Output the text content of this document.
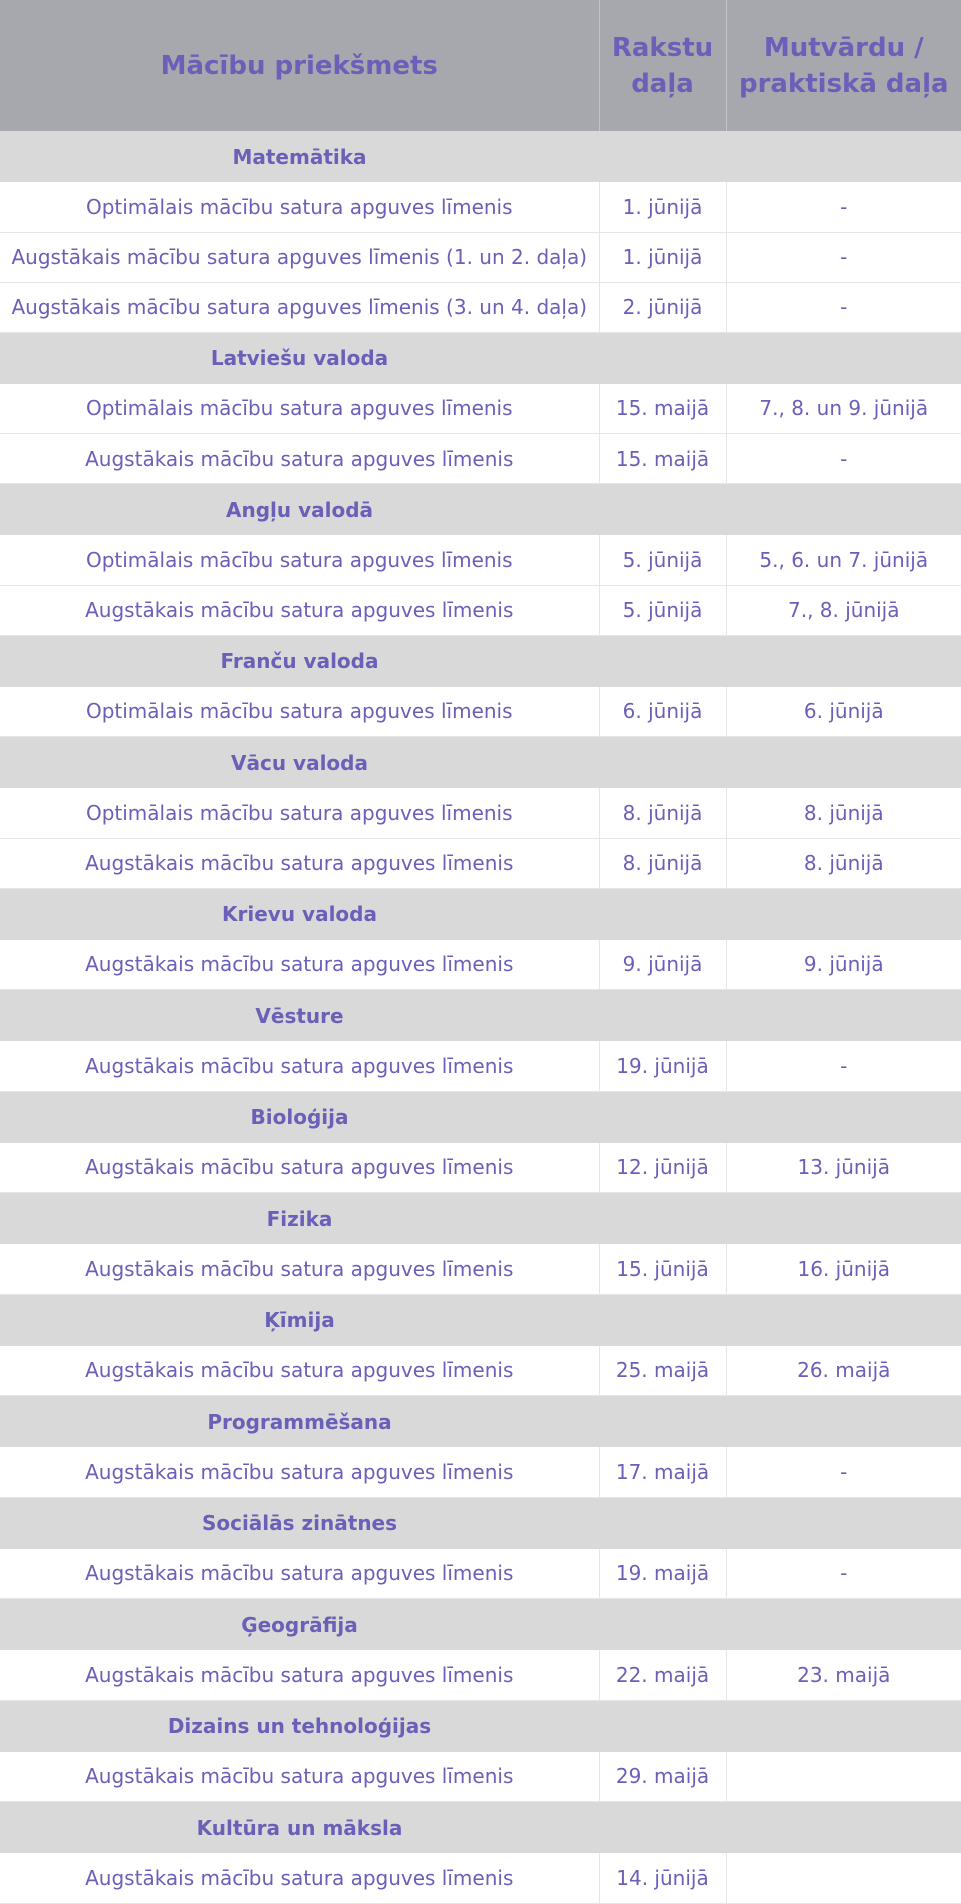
Mācību priekšmets	Rakstu daļa	Mutvārdu / praktiskā daļa
Matemātika		
Optimālais mācību satura apguves līmenis	1. jūnijā	-
Augstākais mācību satura apguves līmenis (1. un 2. daļa)	1. jūnijā	-
Augstākais mācību satura apguves līmenis (3. un 4. daļa)	2. jūnijā	-
Latviešu valoda		
Optimālais mācību satura apguves līmenis	15. maijā	7., 8. un 9. jūnijā
Augstākais mācību satura apguves līmenis	15. maijā	-
Angļu valodā		
Optimālais mācību satura apguves līmenis	5. jūnijā	5., 6. un 7. jūnijā
Augstākais mācību satura apguves līmenis	5. jūnijā	7., 8. jūnijā
Franču valoda		
Optimālais mācību satura apguves līmenis	6. jūnijā	6. jūnijā
Vācu valoda		
Optimālais mācību satura apguves līmenis	8. jūnijā	8. jūnijā
Augstākais mācību satura apguves līmenis	8. jūnijā	8. jūnijā
Krievu valoda		
Augstākais mācību satura apguves līmenis	9. jūnijā	9. jūnijā
Vēsture		
Augstākais mācību satura apguves līmenis	19. jūnijā	-
Bioloģija		
Augstākais mācību satura apguves līmenis	12. jūnijā	13. jūnijā
Fizika		
Augstākais mācību satura apguves līmenis	15. jūnijā	16. jūnijā
Ķīmija		
Augstākais mācību satura apguves līmenis	25. maijā	26. maijā
Programmēšana		
Augstākais mācību satura apguves līmenis	17. maijā	-
Sociālās zinātnes		
Augstākais mācību satura apguves līmenis	19. maijā	-
Ģeogrāfija		
Augstākais mācību satura apguves līmenis	22. maijā	23. maijā
Dizains un tehnoloģijas		
Augstākais mācību satura apguves līmenis	29. maijā	
Kultūra un māksla		
Augstākais mācību satura apguves līmenis	14. jūnijā	
